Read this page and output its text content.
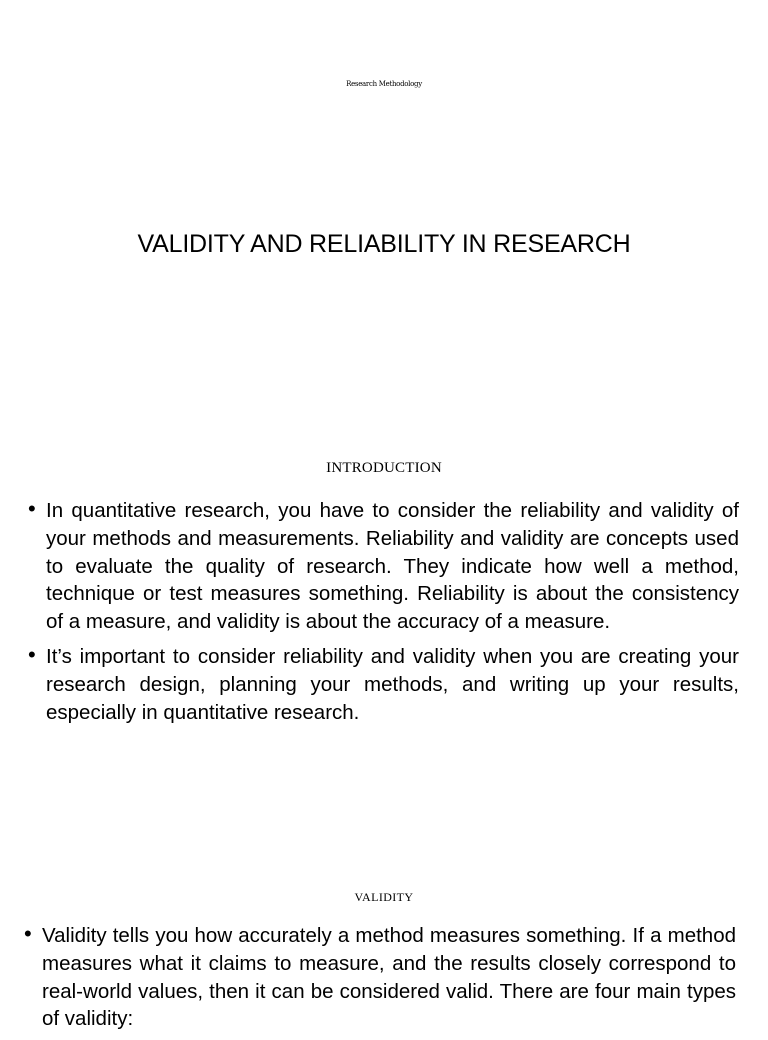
Research Methodology
VALIDITY AND RELIABILITY IN RESEARCH
INTRODUCTION
• In quantitative research, you have to consider the reliability and validity of your methods and measurements. Reliability and validity are concepts used to evaluate the quality of research. They indicate how well a method, technique or test measures something. Reliability is about the consistency of a measure, and validity is about the accuracy of a measure.
• It’s important to consider reliability and validity when you are creating your research design, planning your methods, and writing up your results, especially in quantitative research.
VALIDITY
• Validity tells you how accurately a method measures something. If a method measures what it claims to measure, and the results closely correspond to real-world values, then it can be considered valid. There are four main types of validity:
